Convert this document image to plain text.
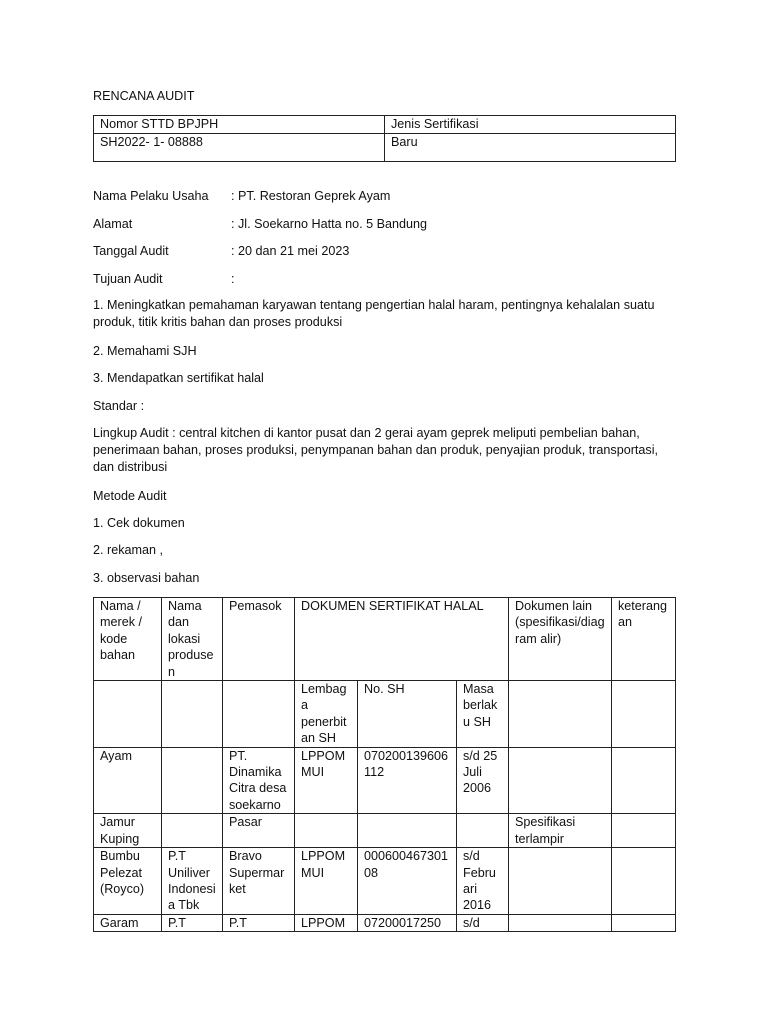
RENCANA AUDIT
Nomor STTD BPJPH	Jenis Sertifikasi
SH2022- 1- 08888	Baru
Nama Pelaku Usaha : PT. Restoran Geprek Ayam
Alamat	: Jl. Soekarno Hatta no. 5 Bandung
Tanggal Audit	: 20 dan 21 mei 2023
Tujuan Audit	:
1. Meningkatkan pemahaman karyawan tentang pengertian halal haram, pentingnya kehalalan suatu produk, titik kritis bahan dan proses produksi
2. Memahami SJH
3. Mendapatkan sertifikat halal
Standar :
Lingkup Audit : central kitchen di kantor pusat dan 2 gerai ayam geprek meliputi pembelian bahan, penerimaan bahan, proses produksi, penympanan bahan dan produk, penyajian produk, transportasi, dan distribusi
Metode Audit
1. Cek dokumen
2. rekaman ,
3. observasi bahan
Nama / merek / kode bahan	Nama dan lokasi produsen	Pemasok	DOKUMEN SERTIFIKAT HALAL			Dokumen lain (spesifikasi/diagram alir)	keterangan
			Lembaga penerbitan SH	No. SH	Masa berlaku SH		
Ayam		PT. Dinamika Citra desa soekarno	LPPOM MUI	070200139606112	s/d 25 Juli 2006		
Jamur Kuping		Pasar				Spesifikasi terlampir	
Bumbu Pelezat (Royco)	P.T Uniliver Indonesia Tbk	Bravo Supermarket	LPPOM MUI	00060046730108	s/d Februari 2016		
Garam	P.T	P.T	LPPOM	07200017250	s/d		
